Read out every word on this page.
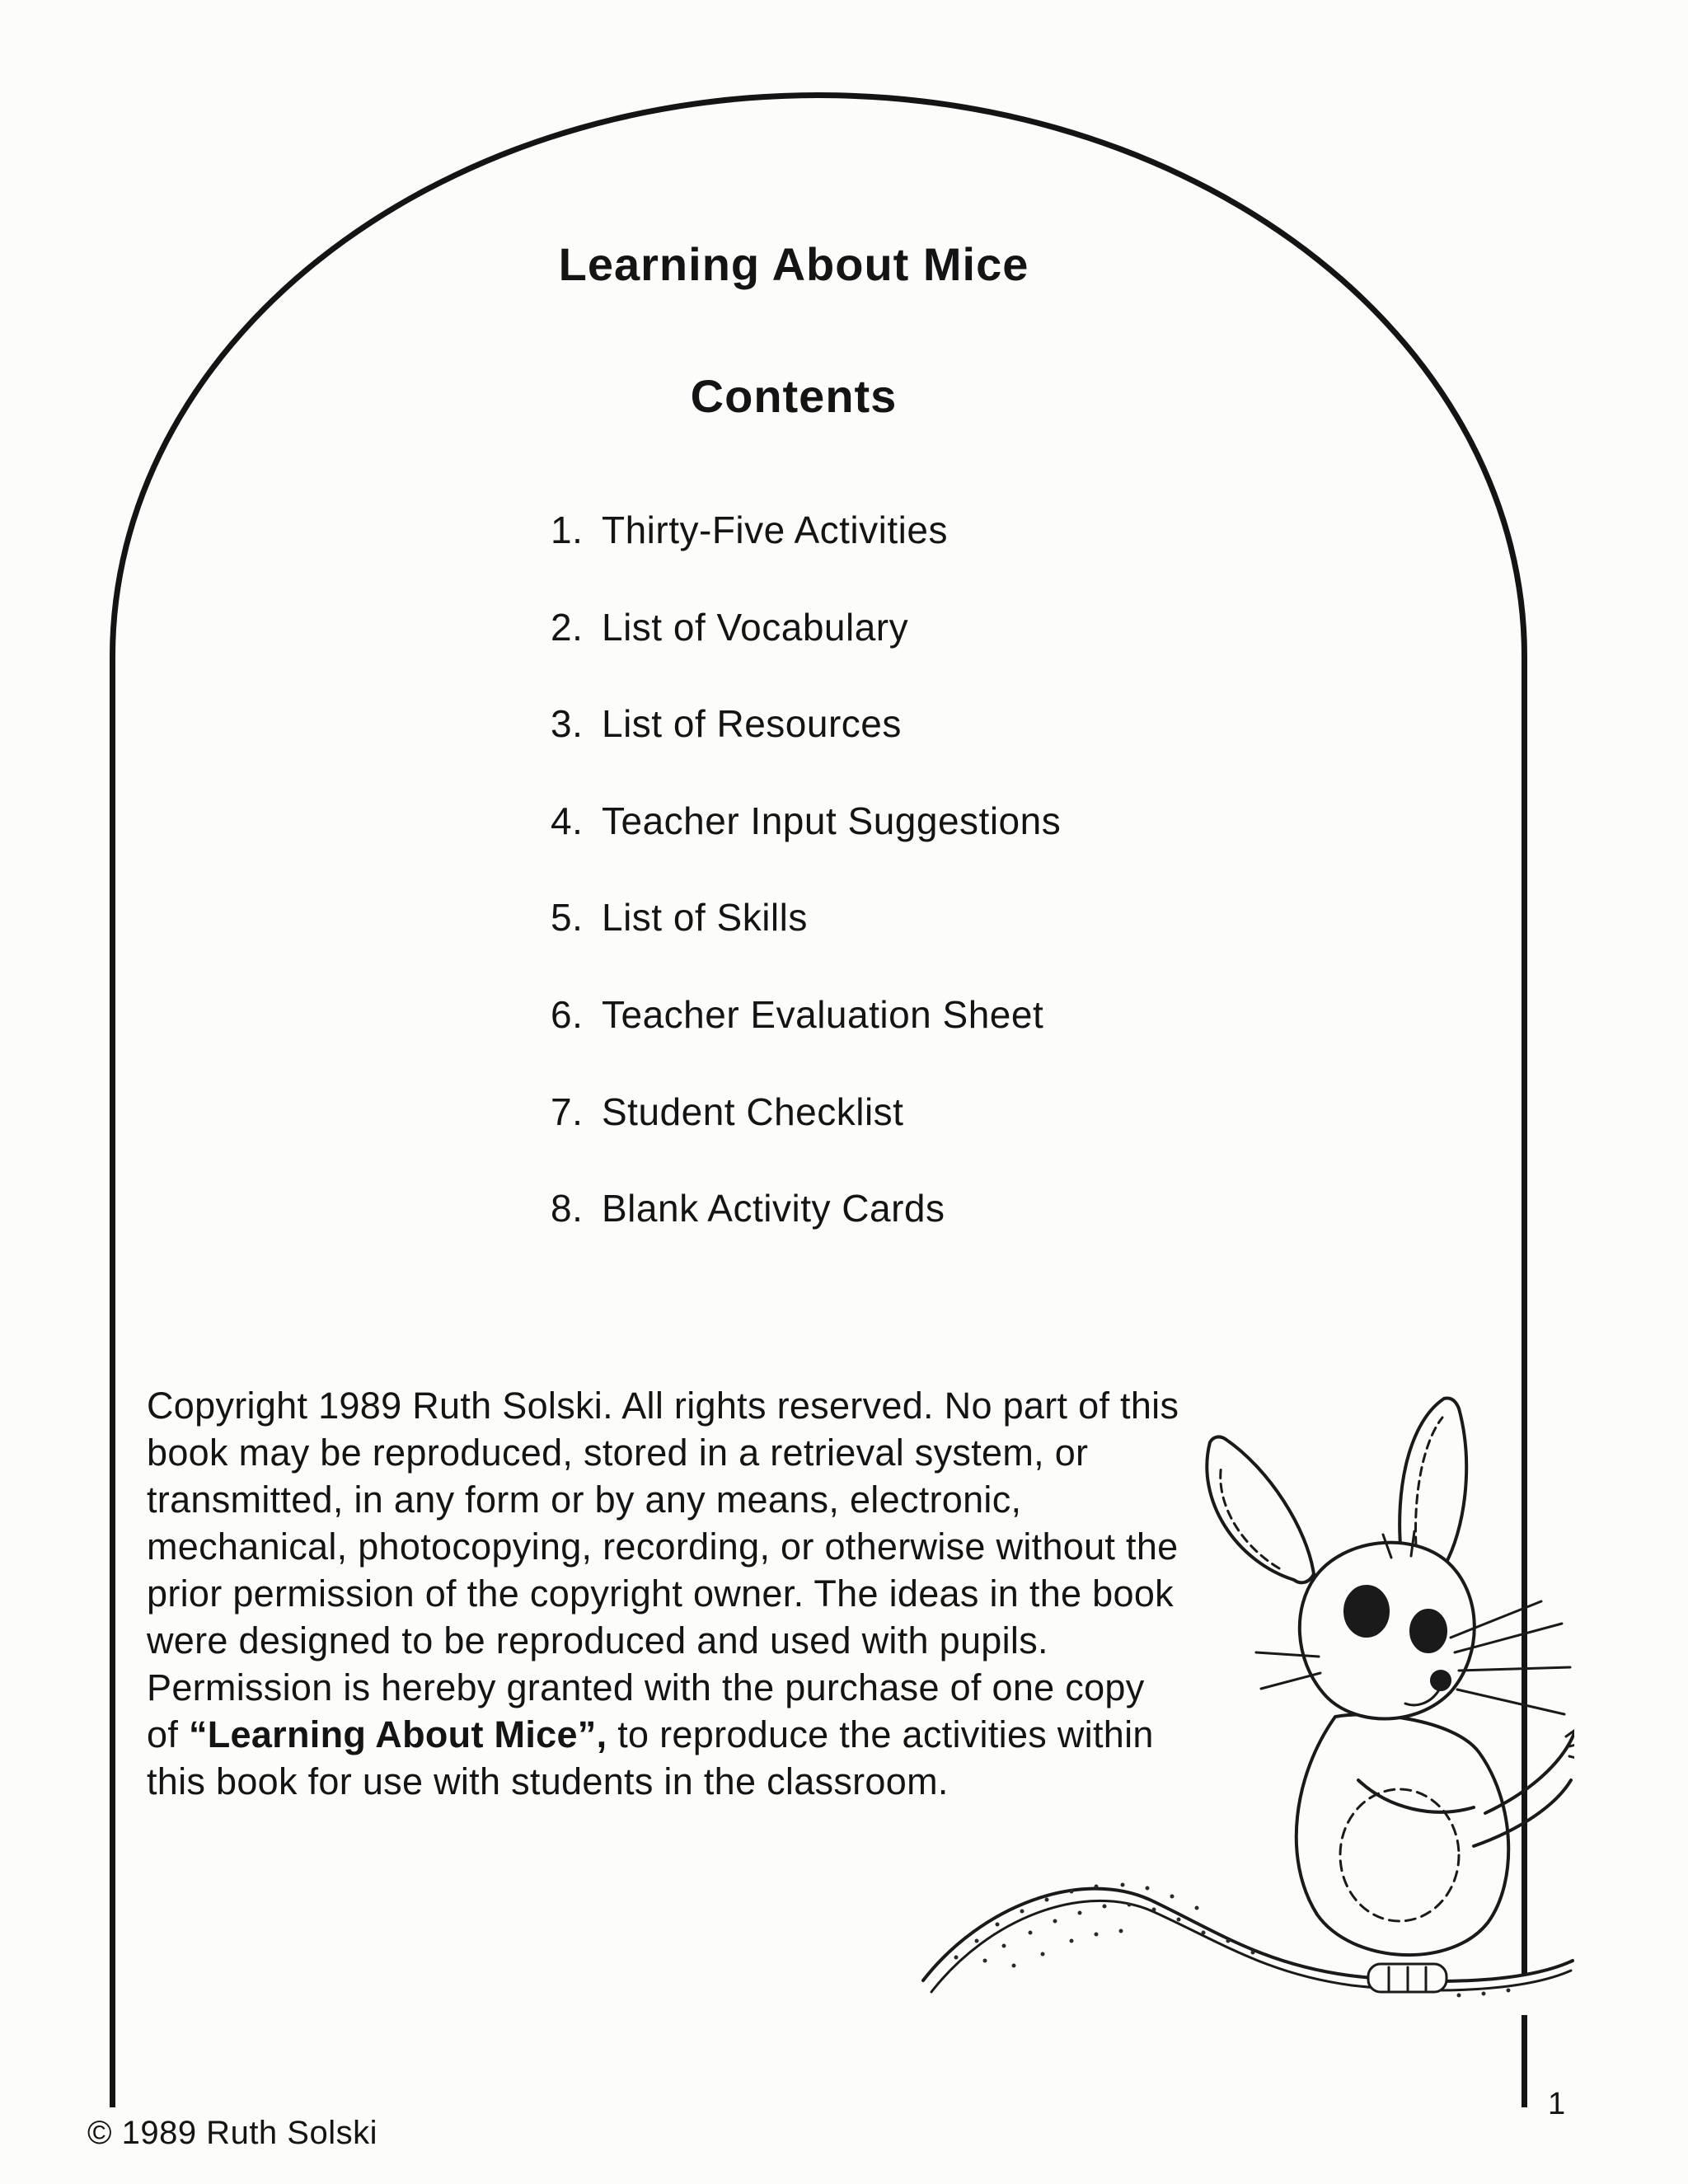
Learning About Mice
Contents
1. Thirty-Five Activities
2. List of Vocabulary
3. List of Resources
4. Teacher Input Suggestions
5. List of Skills
6. Teacher Evaluation Sheet
7. Student Checklist
8. Blank Activity Cards

Copyright 1989 Ruth Solski. All rights reserved. No part of this book may be reproduced, stored in a retrieval system, or transmitted, in any form or by any means, electronic, mechanical, photocopying, recording, or otherwise without the prior permission of the copyright owner. The ideas in the book were designed to be reproduced and used with pupils. Permission is hereby granted with the purchase of one copy of “Learning About Mice”, to reproduce the activities within this book for use with students in the classroom.

© 1989 Ruth Solski
1
